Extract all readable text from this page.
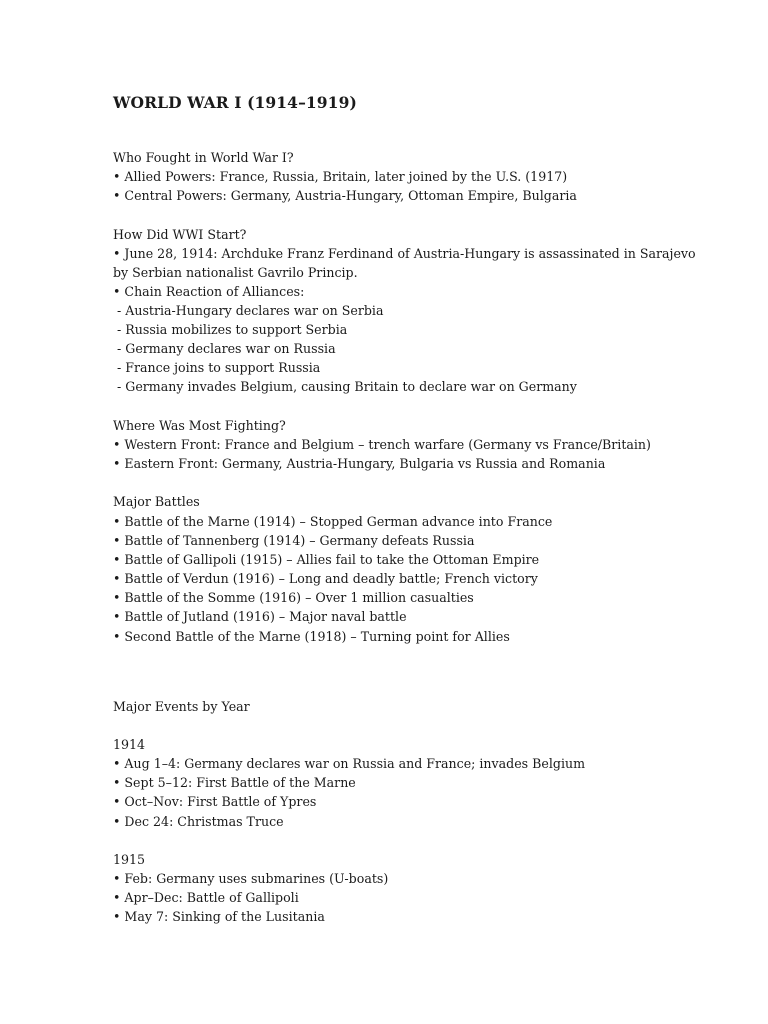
WORLD WAR I (1914–1919)
Who Fought in World War I?
• Allied Powers: France, Russia, Britain, later joined by the U.S. (1917)
• Central Powers: Germany, Austria-Hungary, Ottoman Empire, Bulgaria
How Did WWI Start?
• June 28, 1914: Archduke Franz Ferdinand of Austria-Hungary is assassinated in Sarajevo
by Serbian nationalist Gavrilo Princip.
• Chain Reaction of Alliances:
- Austria-Hungary declares war on Serbia
- Russia mobilizes to support Serbia
- Germany declares war on Russia
- France joins to support Russia
- Germany invades Belgium, causing Britain to declare war on Germany
Where Was Most Fighting?
• Western Front: France and Belgium – trench warfare (Germany vs France/Britain)
• Eastern Front: Germany, Austria-Hungary, Bulgaria vs Russia and Romania
Major Battles
• Battle of the Marne (1914) – Stopped German advance into France
• Battle of Tannenberg (1914) – Germany defeats Russia
• Battle of Gallipoli (1915) – Allies fail to take the Ottoman Empire
• Battle of Verdun (1916) – Long and deadly battle; French victory
• Battle of the Somme (1916) – Over 1 million casualties
• Battle of Jutland (1916) – Major naval battle
• Second Battle of the Marne (1918) – Turning point for Allies
Major Events by Year
1914
• Aug 1–4: Germany declares war on Russia and France; invades Belgium
• Sept 5–12: First Battle of the Marne
• Oct–Nov: First Battle of Ypres
• Dec 24: Christmas Truce
1915
• Feb: Germany uses submarines (U-boats)
• Apr–Dec: Battle of Gallipoli
• May 7: Sinking of the Lusitania
